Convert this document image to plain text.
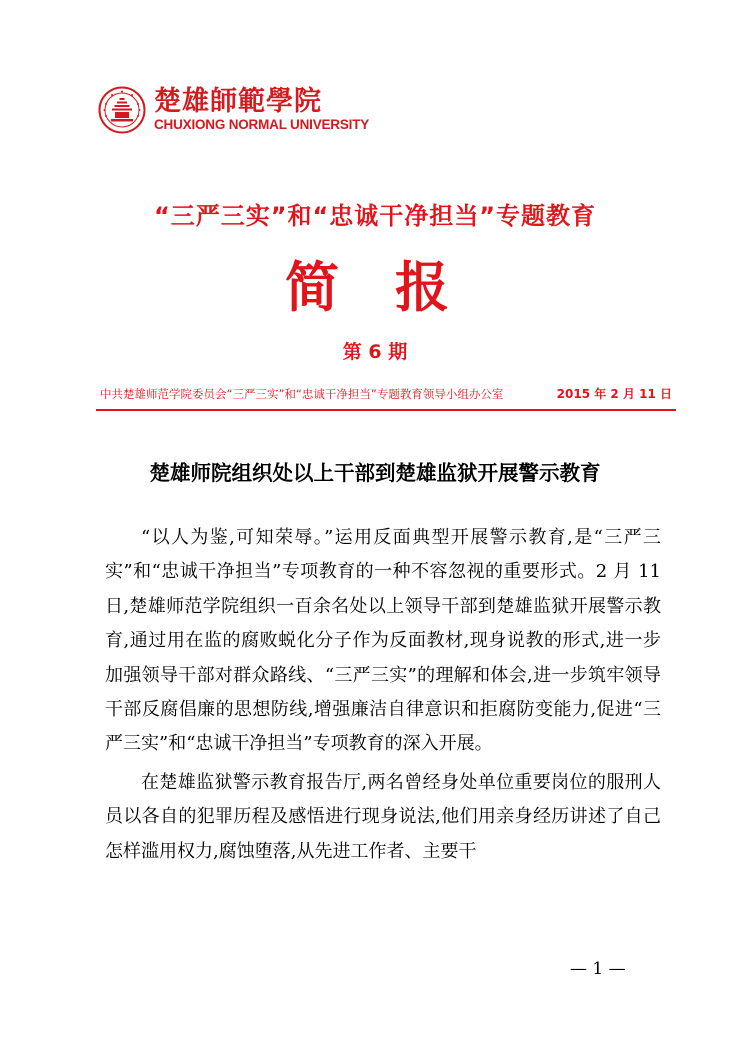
楚雄師範學院
CHUXIONG NORMAL UNIVERSITY
“三严三实”和“忠诚干净担当”专题教育
简报
第 6 期
中共楚雄师范学院委员会“三严三实”和“忠诚干净担当”专题教育领导小组办公室	2015 年 2 月 11 日
楚雄师院组织处以上干部到楚雄监狱开展警示教育

“以人为鉴,可知荣辱。”运用反面典型开展警示教育,是“三严三实”和“忠诚干净担当”专项教育的一种不容忽视的重要形式。2 月 11 日,楚雄师范学院组织一百余名处以上领导干部到楚雄监狱开展警示教育,通过用在监的腐败蜕化分子作为反面教材,现身说教的形式,进一步加强领导干部对群众路线、“三严三实”的理解和体会,进一步筑牢领导干部反腐倡廉的思想防线,增强廉洁自律意识和拒腐防变能力,促进“三严三实”和“忠诚干净担当”专项教育的深入开展。

在楚雄监狱警示教育报告厅,两名曾经身处单位重要岗位的服刑人员以各自的犯罪历程及感悟进行现身说法,他们用亲身经历讲述了自己怎样滥用权力,腐蚀堕落,从先进工作者、主要干

— 1 —
